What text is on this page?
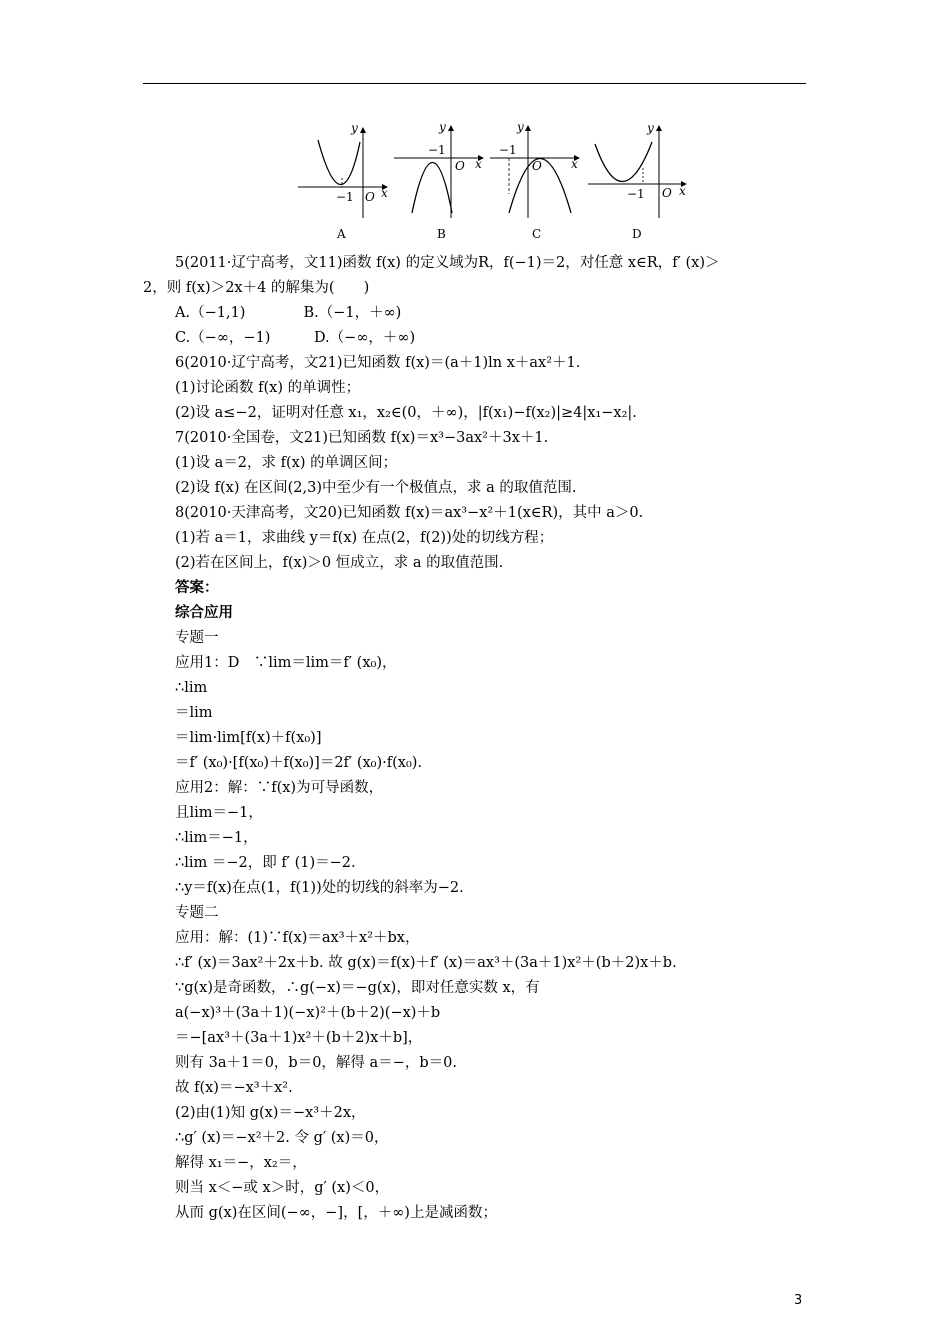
y
x
O
−1
A
y
x
O
−1
B
y
x
O
−1
C
y
x
O
−1
D
5(2011·辽宁高考，文11)函数 f(x) 的定义域为R，f(−1)＝2，对任意 x∈R，f′ (x)＞
2，则 f(x)＞2x＋4 的解集为(　　)
A.（−1,1)　　　　B.（−1，＋∞)
C.（−∞，−1)　　　D.（−∞，＋∞)
6(2010·辽宁高考，文21)已知函数 f(x)＝(a＋1)ln x＋ax²＋1.
(1)讨论函数 f(x) 的单调性；
(2)设 a≤−2，证明对任意 x₁，x₂∈(0，＋∞)，|f(x₁)−f(x₂)|≥4|x₁−x₂|.
7(2010·全国卷，文21)已知函数 f(x)＝x³−3ax²＋3x＋1.
(1)设 a＝2，求 f(x) 的单调区间；
(2)设 f(x) 在区间(2,3)中至少有一个极值点，求 a 的取值范围.
8(2010·天津高考，文20)已知函数 f(x)＝ax³−x²＋1(x∈R)，其中 a＞0.
(1)若 a＝1，求曲线 y＝f(x) 在点(2，f(2))处的切线方程；
(2)若在区间上，f(x)＞0 恒成立，求 a 的取值范围.
答案：
综合应用
专题一
应用1：D　∵lim＝lim＝f′ (x₀)，
∴lim
＝lim
＝lim·lim[f(x)＋f(x₀)]
＝f′ (x₀)·[f(x₀)＋f(x₀)]＝2f′ (x₀)·f(x₀).
应用2：解：∵f(x)为可导函数，
且lim＝−1，
∴lim＝−1，
∴lim ＝−2，即 f′ (1)＝−2.
∴y＝f(x)在点(1，f(1))处的切线的斜率为−2.
专题二
应用：解：(1)∵f(x)＝ax³＋x²＋bx，
∴f′ (x)＝3ax²＋2x＋b. 故 g(x)＝f(x)＋f′ (x)＝ax³＋(3a＋1)x²＋(b＋2)x＋b.
∵g(x)是奇函数，∴g(−x)＝−g(x)，即对任意实数 x，有
a(−x)³＋(3a＋1)(−x)²＋(b＋2)(−x)＋b
＝−[ax³＋(3a＋1)x²＋(b＋2)x＋b]，
则有 3a＋1＝0，b＝0，解得 a＝−，b＝0.
故 f(x)＝−x³＋x².
(2)由(1)知 g(x)＝−x³＋2x，
∴g′ (x)＝−x²＋2. 令 g′ (x)＝0，
解得 x₁＝−，x₂＝，
则当 x＜−或 x＞时，g′ (x)＜0，
从而 g(x)在区间(−∞，−]，[，＋∞)上是减函数；
3
